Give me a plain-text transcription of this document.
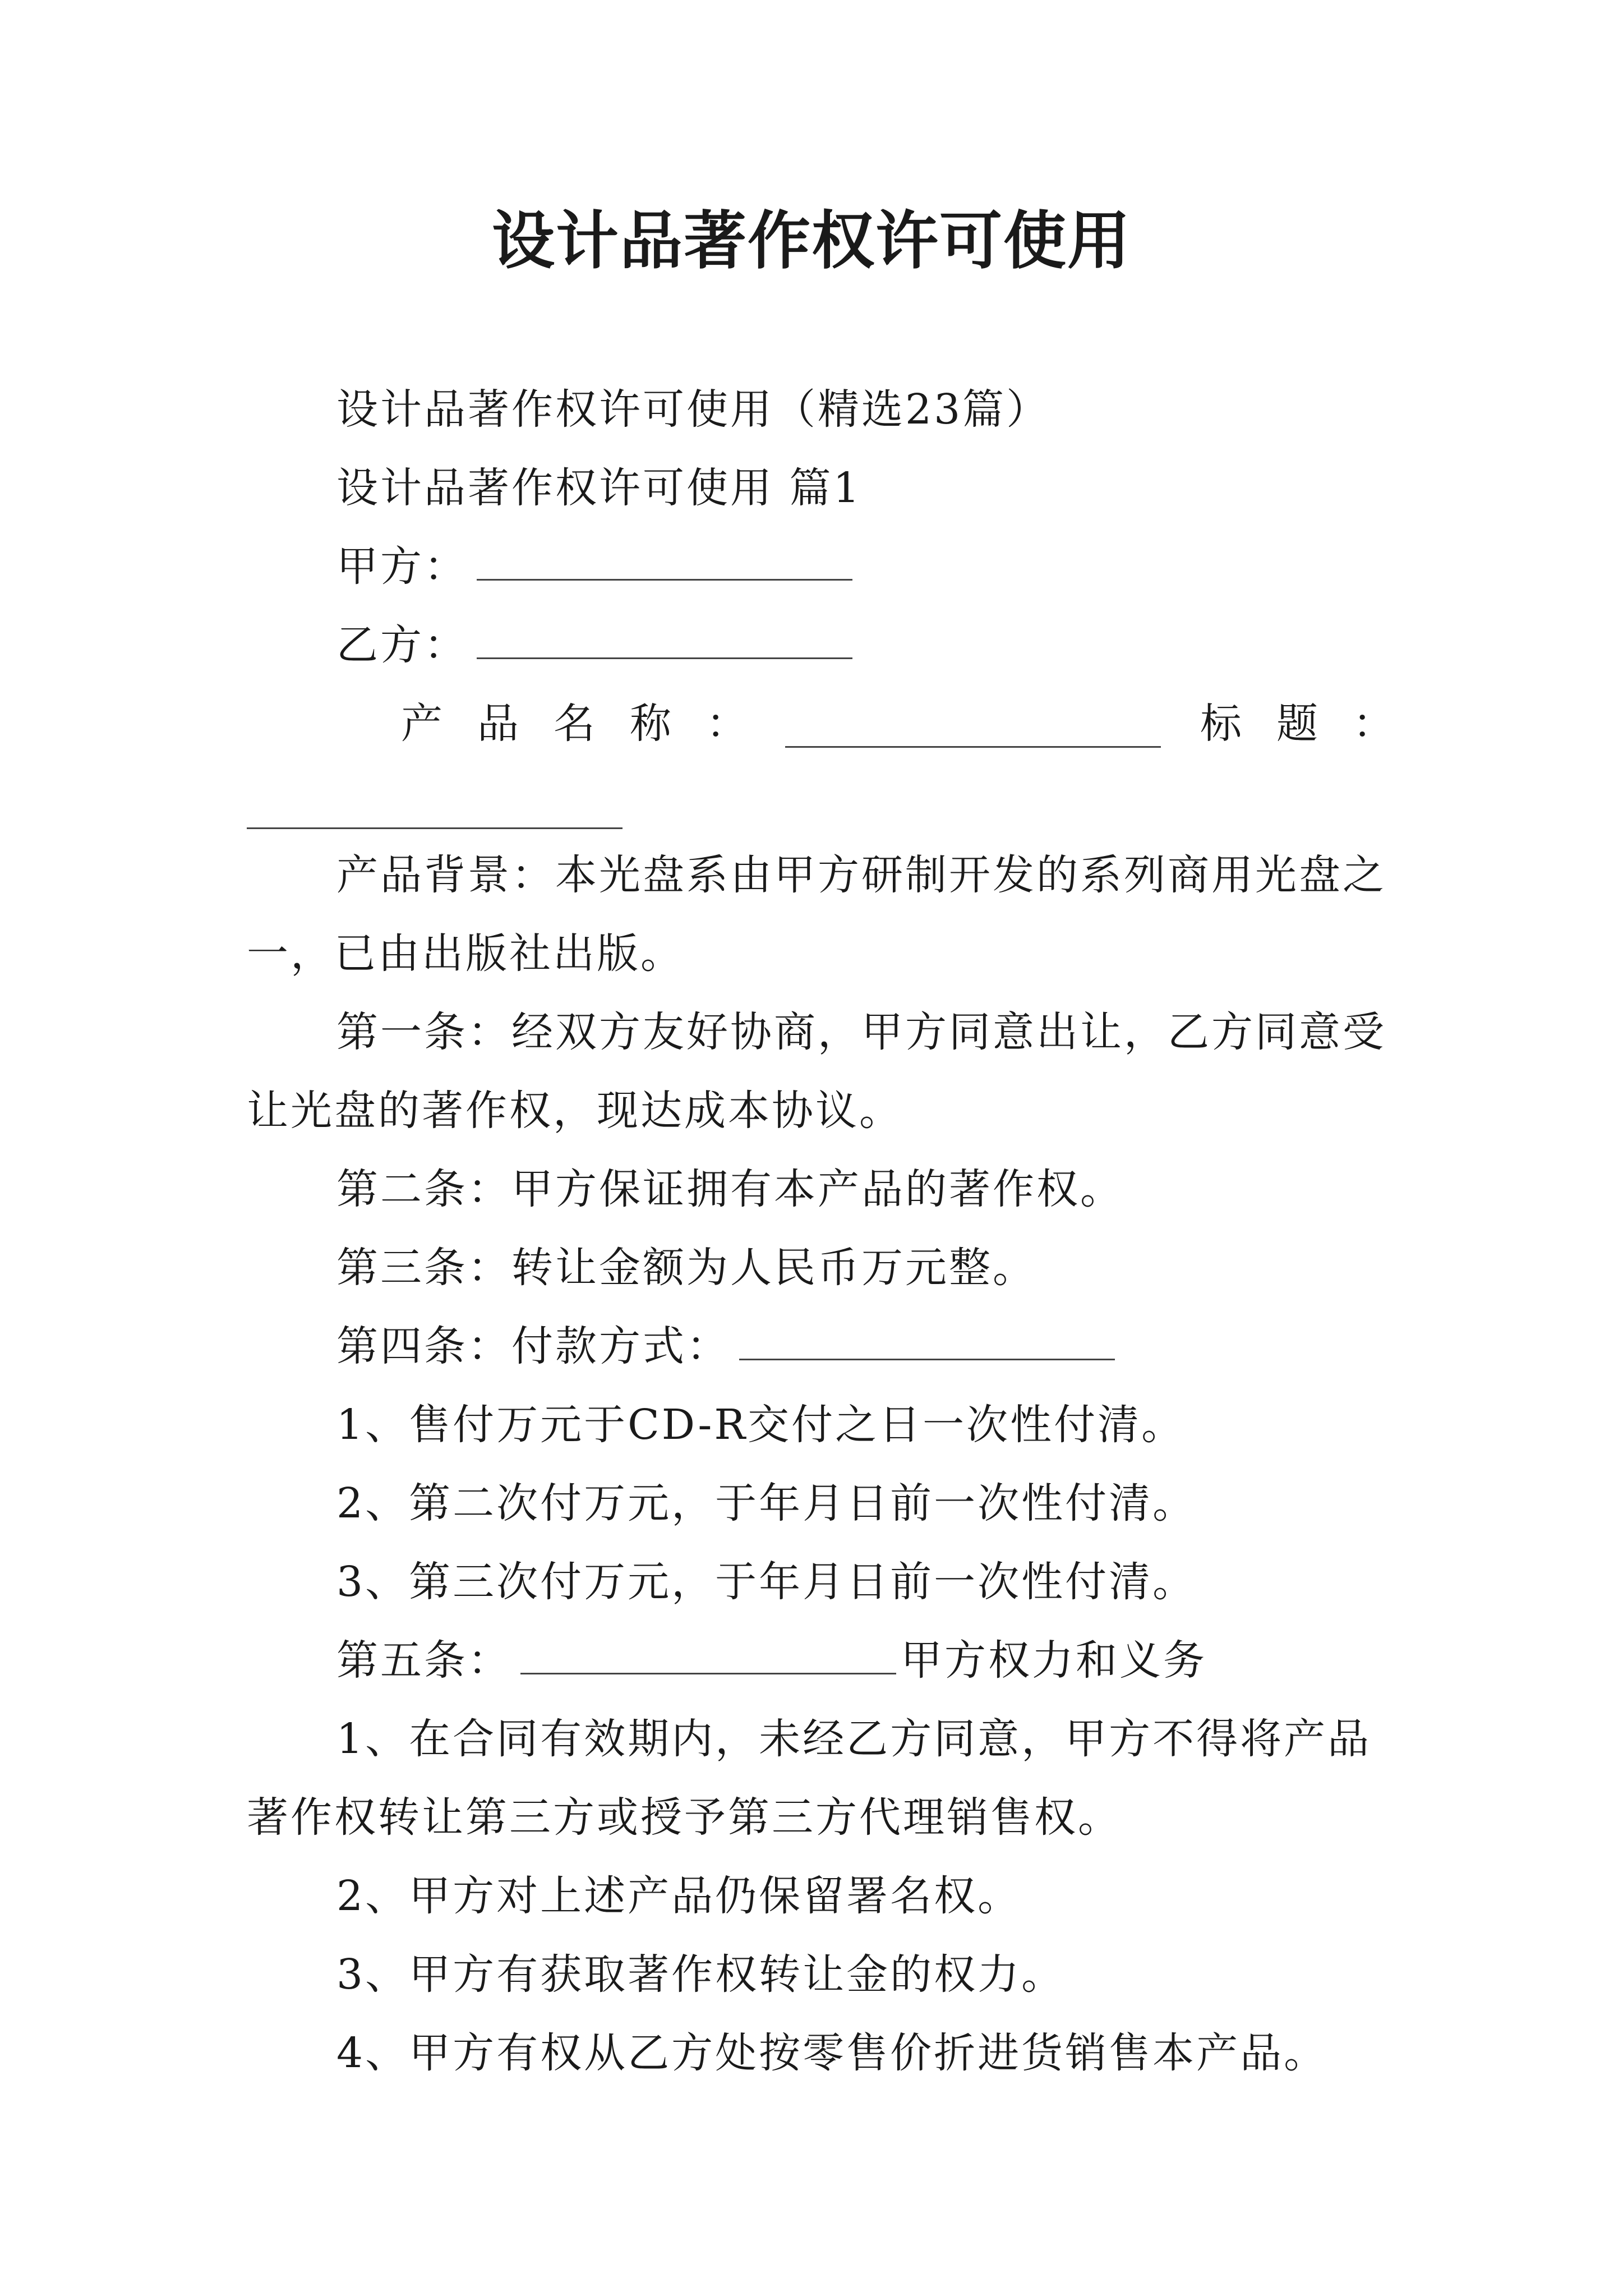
设计品著作权许可使用
设计品著作权许可使用（精选23篇）
设计品著作权许可使用 篇1
甲方：
乙方：
产品名称：	标题：
产品背景：本光盘系由甲方研制开发的系列商用光盘之
一，已由出版社出版。
第一条：经双方友好协商，甲方同意出让，乙方同意受
让光盘的著作权，现达成本协议。
第二条：甲方保证拥有本产品的著作权。
第三条：转让金额为人民币万元整。
第四条：付款方式：
1、售付万元于CD-R交付之日一次性付清。
2、第二次付万元，于年月日前一次性付清。
3、第三次付万元，于年月日前一次性付清。
第五条：	甲方权力和义务
1、在合同有效期内，未经乙方同意，甲方不得将产品
著作权转让第三方或授予第三方代理销售权。
2、甲方对上述产品仍保留署名权。
3、甲方有获取著作权转让金的权力。
4、甲方有权从乙方处按零售价折进货销售本产品。
